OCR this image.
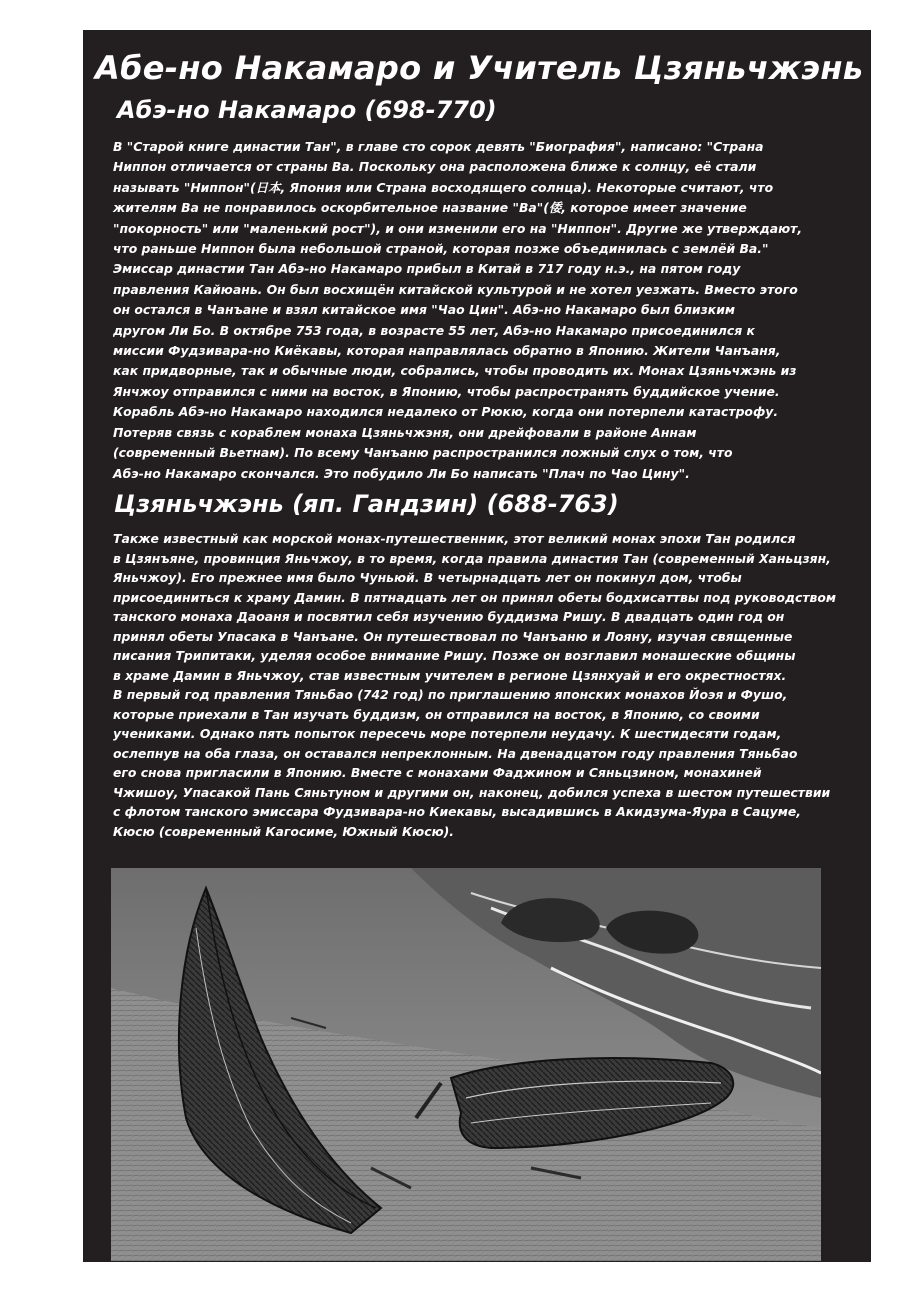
Абе-но Накамаро и Учитель Цзяньчжэнь
Абэ-но Накамаро (698-770)

В "Старой книге династии Тан", в главе сто сорок девять "Биография", написано: "Страна
Ниппон отличается от страны Ва. Поскольку она расположена ближе к солнцу, её стали
называть "Ниппон"(日本, Япония или Страна восходящего солнца). Некоторые считают, что
жителям Ва не понравилось оскорбительное название "Ва"(倭, которое имеет значение
"покорность" или "маленький рост"), и они изменили его на "Ниппон". Другие же утверждают,
что раньше Ниппон была небольшой страной, которая позже объединилась с землёй Ва."
Эмиссар династии Тан Абэ-но Накамаро прибыл в Китай в 717 году н.э., на пятом году
правления Кайюань. Он был восхищён китайской культурой и не хотел уезжать. Вместо этого
он остался в Чанъане и взял китайское имя "Чао Цин". Абэ-но Накамаро был близким
другом Ли Бо. В октябре 753 года, в возрасте 55 лет, Абэ-но Накамаро присоединился к
миссии Фудзивара-но Киёкавы, которая направлялась обратно в Японию. Жители Чанъаня,
как придворные, так и обычные люди, собрались, чтобы проводить их. Монах Цзяньчжэнь из
Янчжоу отправился с ними на восток, в Японию, чтобы распространять буддийское учение.
Корабль Абэ-но Накамаро находился недалеко от Рюкю, когда они потерпели катастрофу.
Потеряв связь с кораблем монаха Цзяньчжэня, они дрейфовали в районе Аннам
(современный Вьетнам). По всему Чанъаню распространился ложный слух о том, что
Абэ-но Накамаро скончался. Это побудило Ли Бо написать "Плач по Чао Цину".

Цзяньчжэнь (яп. Гандзин) (688-763)

Также известный как морской монах-путешественник, этот великий монах эпохи Тан родился
в Цзянъяне, провинция Яньчжоу, в то время, когда правила династия Тан (современный Ханьцзян,
Яньчжоу). Его прежнее имя было Чуньюй. В четырнадцать лет он покинул дом, чтобы
присоединиться к храму Дамин. В пятнадцать лет он принял обеты бодхисаттвы под руководством
танского монаха Даоаня и посвятил себя изучению буддизма Ришу. В двадцать один год он
принял обеты Упасака в Чанъане. Он путешествовал по Чанъаню и Лояну, изучая священные
писания Трипитаки, уделяя особое внимание Ришу. Позже он возглавил монашеские общины
в храме Дамин в Яньчжоу, став известным учителем в регионе Цзянхуай и его окрестностях.
В первый год правления Тяньбао (742 год) по приглашению японских монахов Йоэя и Фушо,
которые приехали в Тан изучать буддизм, он отправился на восток, в Японию, со своими
учениками. Однако пять попыток пересечь море потерпели неудачу. К шестидесяти годам,
ослепнув на оба глаза, он оставался непреклонным. На двенадцатом году правления Тяньбао
его снова пригласили в Японию. Вместе с монахами Фаджином и Сяньцзином, монахиней
Чжишоу, Упасакой Пань Сяньтуном и другими он, наконец, добился успеха в шестом путешествии
с флотом танского эмиссара Фудзивара-но Киекавы, высадившись в Акидзума-Яура в Сацуме,
Кюсю (современный Кагосиме, Южный Кюсю).
